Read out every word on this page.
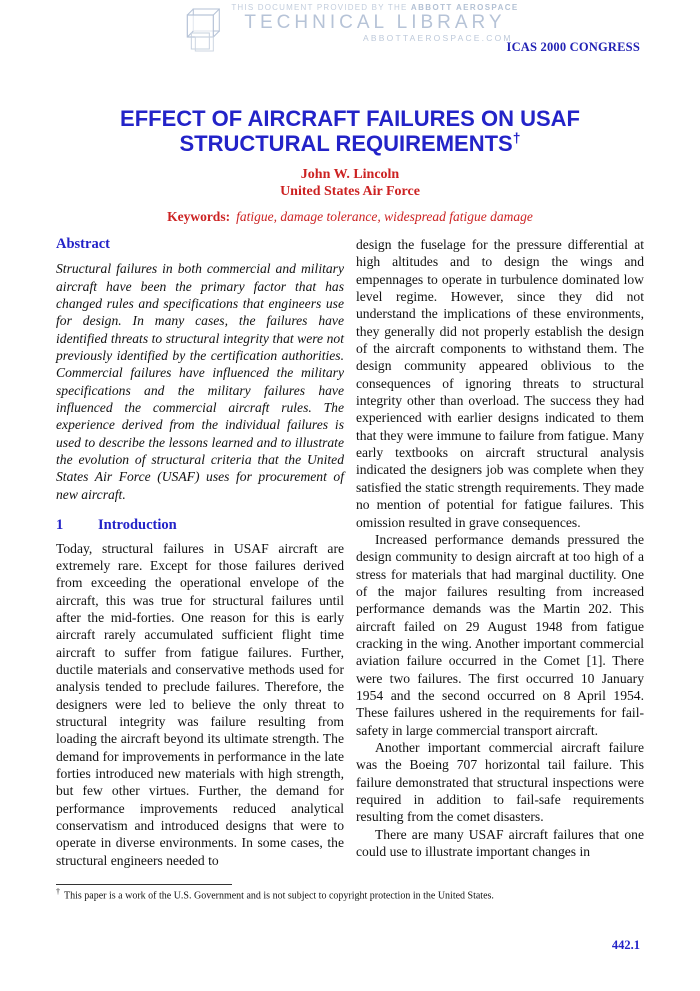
THIS DOCUMENT PROVIDED BY THE ABBOTT AEROSPACE
TECHNICAL LIBRARY
ABBOTTAEROSPACE.COM
ICAS 2000 CONGRESS
EFFECT OF AIRCRAFT FAILURES ON USAF
STRUCTURAL REQUIREMENTS†
John W. Lincoln
United States Air Force
Keywords: fatigue, damage tolerance, widespread fatigue damage
Abstract

Structural failures in both commercial and military aircraft have been the primary factor that has changed rules and specifications that engineers use for design. In many cases, the failures have identified threats to structural integrity that were not previously identified by the certification authorities. Commercial failures have influenced the military specifications and the military failures have influenced the commercial aircraft rules. The experience derived from the individual failures is used to describe the lessons learned and to illustrate the evolution of structural criteria that the United States Air Force (USAF) uses for procurement of new aircraft.

1	Introduction

Today, structural failures in USAF aircraft are extremely rare. Except for those failures derived from exceeding the operational envelope of the aircraft, this was true for structural failures until after the mid-forties. One reason for this is early aircraft rarely accumulated sufficient flight time aircraft to suffer from fatigue failures. Further, ductile materials and conservative methods used for analysis tended to preclude failures. Therefore, the designers were led to believe the only threat to structural integrity was failure resulting from loading the aircraft beyond its ultimate strength. The demand for improvements in performance in the late forties introduced new materials with high strength, but few other virtues. Further, the demand for performance improvements reduced analytical conservatism and introduced designs that were to operate in diverse environments. In some cases, the structural engineers needed to

design the fuselage for the pressure differential at high altitudes and to design the wings and empennages to operate in turbulence dominated low level regime. However, since they did not understand the implications of these environments, they generally did not properly establish the design of the aircraft components to withstand them. The design community appeared oblivious to the consequences of ignoring threats to structural integrity other than overload. The success they had experienced with earlier designs indicated to them that they were immune to failure from fatigue. Many early textbooks on aircraft structural analysis indicated the designers job was complete when they satisfied the static strength requirements. They made no mention of potential for fatigue failures. This omission resulted in grave consequences.

Increased performance demands pressured the design community to design aircraft at too high of a stress for materials that had marginal ductility. One of the major failures resulting from increased performance demands was the Martin 202. This aircraft failed on 29 August 1948 from fatigue cracking in the wing. Another important commercial aviation failure occurred in the Comet [1]. There were two failures. The first occurred 10 January 1954 and the second occurred on 8 April 1954. These failures ushered in the requirements for fail-safety in large commercial transport aircraft.

Another important commercial aircraft failure was the Boeing 707 horizontal tail failure. This failure demonstrated that structural inspections were required in addition to fail-safe requirements resulting from the comet disasters.

There are many USAF aircraft failures that one could use to illustrate important changes in

† This paper is a work of the U.S. Government and is not subject to copyright protection in the United States.
442.1
